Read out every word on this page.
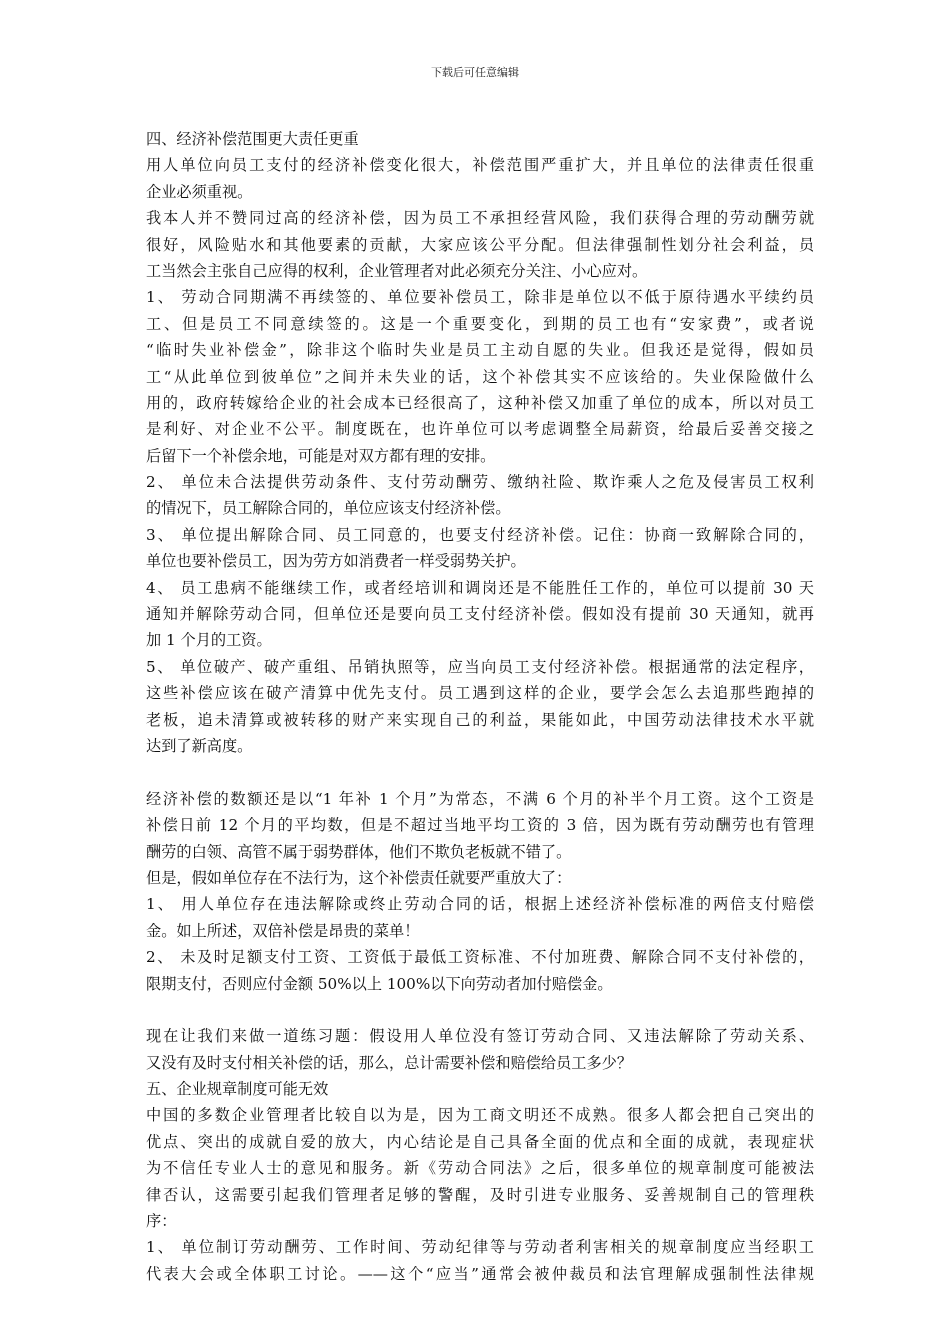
下载后可任意编辑
四、经济补偿范围更大责任更重
用人单位向员工支付的经济补偿变化很大，补偿范围严重扩大，并且单位的法律责任很重
企业必须重视。
我本人并不赞同过高的经济补偿，因为员工不承担经营风险，我们获得合理的劳动酬劳就
很好，风险贴水和其他要素的贡献，大家应该公平分配。但法律强制性划分社会利益，员
工当然会主张自己应得的权利，企业管理者对此必须充分关注、小心应对。
1、 劳动合同期满不再续签的、单位要补偿员工，除非是单位以不低于原待遇水平续约员
工、但是员工不同意续签的。这是一个重要变化，到期的员工也有“安家费”，或者说
“临时失业补偿金”，除非这个临时失业是员工主动自愿的失业。但我还是觉得，假如员
工“从此单位到彼单位”之间并未失业的话，这个补偿其实不应该给的。失业保险做什么
用的，政府转嫁给企业的社会成本已经很高了，这种补偿又加重了单位的成本，所以对员工
是利好、对企业不公平。制度既在，也许单位可以考虑调整全局薪资，给最后妥善交接之
后留下一个补偿余地，可能是对双方都有理的安排。
2、 单位未合法提供劳动条件、支付劳动酬劳、缴纳社险、欺诈乘人之危及侵害员工权利
的情况下，员工解除合同的，单位应该支付经济补偿。
3、 单位提出解除合同、员工同意的，也要支付经济补偿。记住：协商一致解除合同的，
单位也要补偿员工，因为劳方如消费者一样受弱势关护。
4、 员工患病不能继续工作，或者经培训和调岗还是不能胜任工作的，单位可以提前 30 天
通知并解除劳动合同，但单位还是要向员工支付经济补偿。假如没有提前 30 天通知，就再
加 1 个月的工资。
5、 单位破产、破产重组、吊销执照等，应当向员工支付经济补偿。根据通常的法定程序，
这些补偿应该在破产清算中优先支付。员工遇到这样的企业，要学会怎么去追那些跑掉的
老板，追未清算或被转移的财产来实现自己的利益，果能如此，中国劳动法律技术水平就
达到了新高度。
经济补偿的数额还是以“1 年补 1 个月”为常态，不满 6 个月的补半个月工资。这个工资是
补偿日前 12 个月的平均数，但是不超过当地平均工资的 3 倍，因为既有劳动酬劳也有管理
酬劳的白领、高管不属于弱势群体，他们不欺负老板就不错了。
但是，假如单位存在不法行为，这个补偿责任就要严重放大了：
1、 用人单位存在违法解除或终止劳动合同的话，根据上述经济补偿标准的两倍支付赔偿
金。如上所述，双倍补偿是昂贵的菜单！
2、 未及时足额支付工资、工资低于最低工资标准、不付加班费、解除合同不支付补偿的，
限期支付，否则应付金额 50%以上 100%以下向劳动者加付赔偿金。
现在让我们来做一道练习题：假设用人单位没有签订劳动合同、又违法解除了劳动关系、
又没有及时支付相关补偿的话，那么，总计需要补偿和赔偿给员工多少？
五、企业规章制度可能无效
中国的多数企业管理者比较自以为是，因为工商文明还不成熟。很多人都会把自己突出的
优点、突出的成就自爱的放大，内心结论是自己具备全面的优点和全面的成就，表现症状
为不信任专业人士的意见和服务。新《劳动合同法》之后，很多单位的规章制度可能被法
律否认，这需要引起我们管理者足够的警醒，及时引进专业服务、妥善规制自己的管理秩
序：
1、 单位制订劳动酬劳、工作时间、劳动纪律等与劳动者利害相关的规章制度应当经职工
代表大会或全体职工讨论。——这个“应当”通常会被仲裁员和法官理解成强制性法律规
